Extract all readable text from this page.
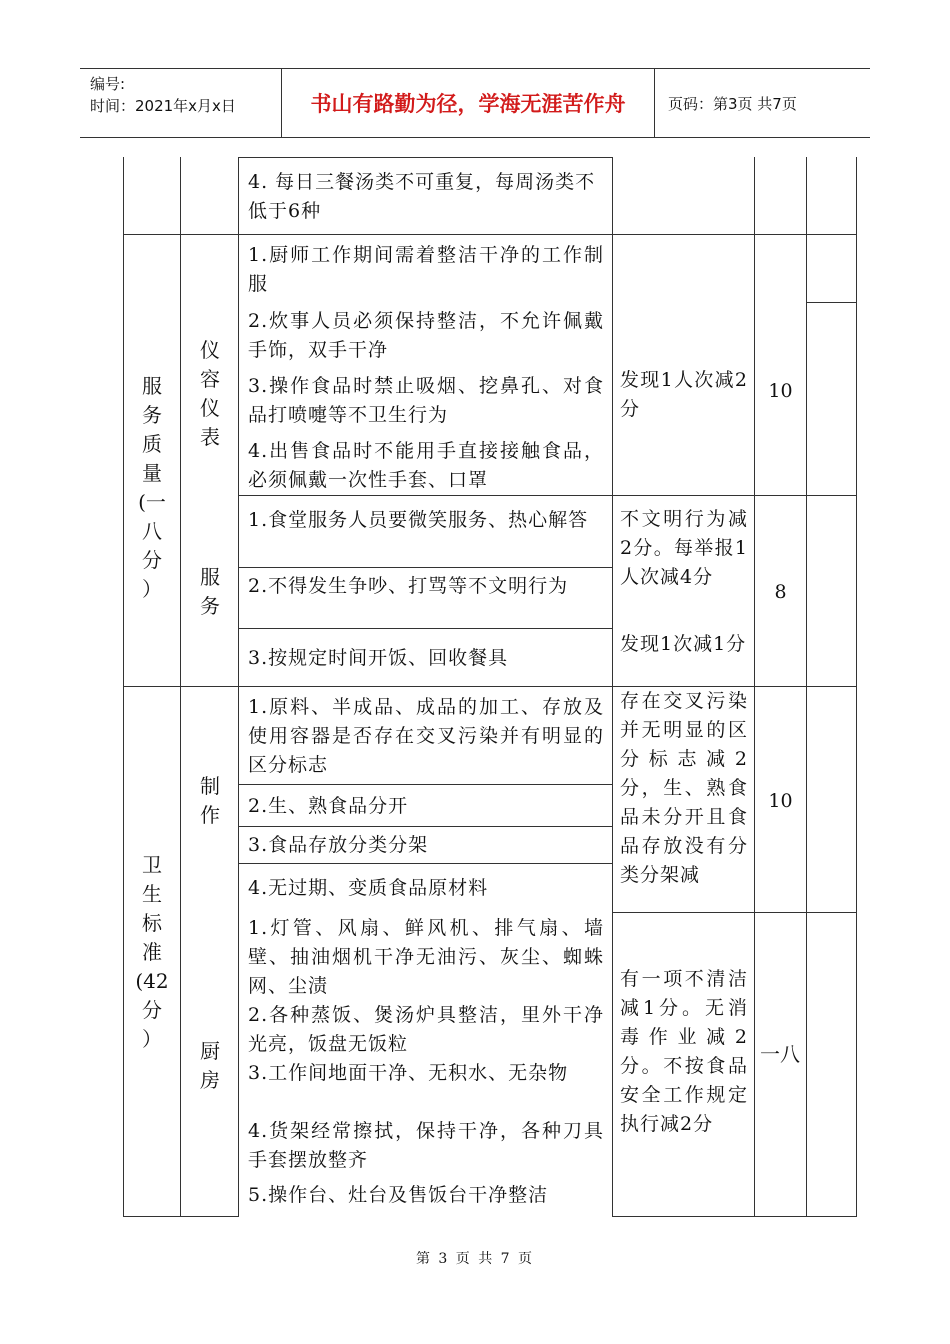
编号:
时间：2021年x月x日	书山有路勤为径，学海无涯苦作舟	页码：第3页 共7页
4. 每日三餐汤类不可重复，每周汤类不低于6种
服
务
质
量
(一
八
分
）
仪
容
仪
表
1.厨师工作期间需着整洁干净的工作制服
2.炊事人员必须保持整洁，不允许佩戴手饰，双手干净
3.操作食品时禁止吸烟、挖鼻孔、对食品打喷嚏等不卫生行为
4.出售食品时不能用手直接接触食品，必须佩戴一次性手套、口罩
发现1人次减2分
10
服
务
1.食堂服务人员要微笑服务、热心解答
2.不得发生争吵、打骂等不文明行为
3.按规定时间开饭、回收餐具
不文明行为减2分。每举报1人次减4分
发现1次减1分
8
卫
生
标
准
(42
分
）
制
作
1.原料、半成品、成品的加工、存放及使用容器是否存在交叉污染并有明显的区分标志
2.生、熟食品分开
3.食品存放分类分架
4.无过期、变质食品原材料
存在交叉污染并无明显的区分标志减2分，生、熟食品未分开且食品存放没有分类分架减
10
厨
房
1.灯管、风扇、鲜风机、排气扇、墙壁、抽油烟机干净无油污、灰尘、蜘蛛网、尘渍
2.各种蒸饭、煲汤炉具整洁，里外干净光亮，饭盘无饭粒
3.工作间地面干净、无积水、无杂物
4.货架经常擦拭，保持干净，各种刀具手套摆放整齐
5.操作台、灶台及售饭台干净整洁
有一项不清洁减1分。无消毒作业减2分。不按食品安全工作规定执行减2分
一八
第 3 页 共 7 页
